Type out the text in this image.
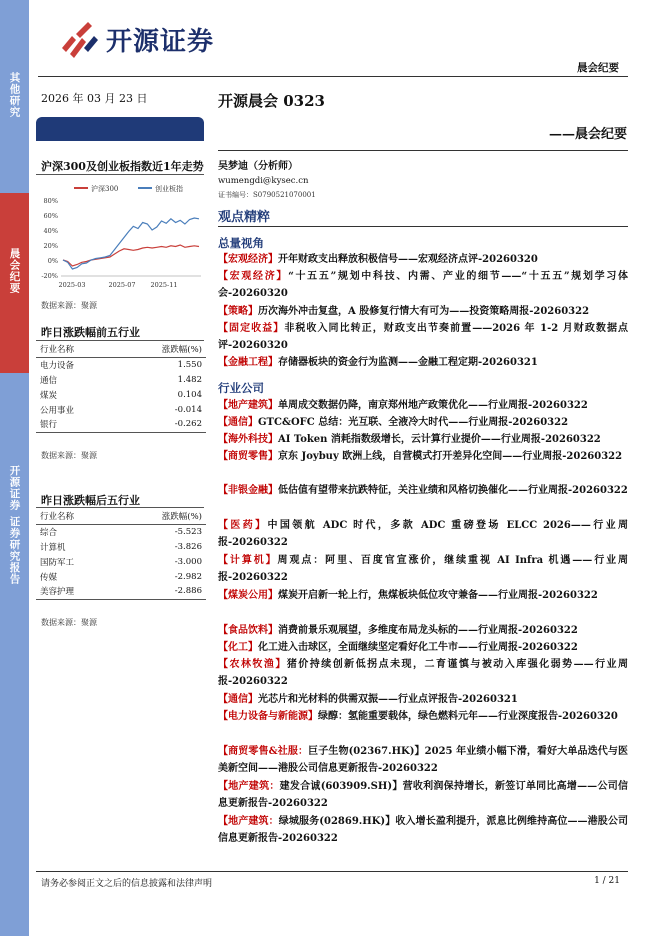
其他研究
晨会纪要
开源证券 证券研究报告
开源证券
晨会纪要
2026 年 03 月 23 日
沪深300及创业板指数近1年走势
沪深300	创业板指
80%
60%
40%
20%
0%
-20%
2025-03	2025-07 2025-11
数据来源：聚源
昨日涨跌幅前五行业
行业名称	涨跌幅(%)
电力设备	1.550
通信	1.482
煤炭	0.104
公用事业	-0.014
银行	-0.262
数据来源：聚源
昨日涨跌幅后五行业
行业名称	涨跌幅(%)
综合	-5.523
计算机	-3.826
国防军工	-3.000
传媒	-2.982
美容护理	-2.886
数据来源：聚源
开源晨会 0323
——晨会纪要
吴梦迪（分析师）
wumengdi@kysec.cn
证书编号：S0790521070001
观点精粹
总量视角
【宏观经济】开年财政支出释放积极信号——宏观经济点评-20260320
【宏观经济】“十五五”规划中科技、内需、产业的细节——“十五五”规划学习体会-20260320
【策略】历次海外冲击复盘，A 股修复行情大有可为——投资策略周报-20260322
【固定收益】非税收入同比转正，财政支出节奏前置——2026 年 1-2 月财政数据点评-20260320
【金融工程】存储器板块的资金行为监测——金融工程定期-20260321
行业公司
【地产建筑】单周成交数据仍降，南京郑州地产政策优化——行业周报-20260322
【通信】GTC&OFC 总结：光互联、全液冷大时代——行业周报-20260322
【海外科技】AI Token 消耗指数级增长，云计算行业提价——行业周报-20260322
【商贸零售】京东 Joybuy 欧洲上线，自营模式打开差异化空间——行业周报-20260322
【非银金融】低估值有望带来抗跌特征，关注业绩和风格切换催化——行业周报-20260322
【医药】中国领航 ADC 时代，多款 ADC 重磅登场 ELCC 2026——行业周报-20260322
【计算机】周观点：阿里、百度官宣涨价，继续重视 AI Infra 机遇——行业周报-20260322
【煤炭公用】煤炭开启新一轮上行，焦煤板块低位攻守兼备——行业周报-20260322
【食品饮料】消费前景乐观展望，多维度布局龙头标的——行业周报-20260322
【化工】化工进入击球区，全面继续坚定看好化工牛市——行业周报-20260322
【农林牧渔】猪价持续创新低拐点未现，二育谨慎与被动入库强化弱势——行业周报-20260322
【通信】光芯片和光材料的供需双振——行业点评报告-20260321
【电力设备与新能源】绿醇：氢能重要载体，绿色燃料元年——行业深度报告-20260320
【商贸零售&社服：巨子生物(02367.HK)】2025 年业绩小幅下滑，看好大单品迭代与医美新空间——港股公司信息更新报告-20260322
【地产建筑：建发合诚(603909.SH)】营收利润保持增长，新签订单同比高增——公司信息更新报告-20260322
【地产建筑：绿城服务(02869.HK)】收入增长盈利提升，派息比例维持高位——港股公司信息更新报告-20260322
请务必参阅正文之后的信息披露和法律声明	1 / 21
